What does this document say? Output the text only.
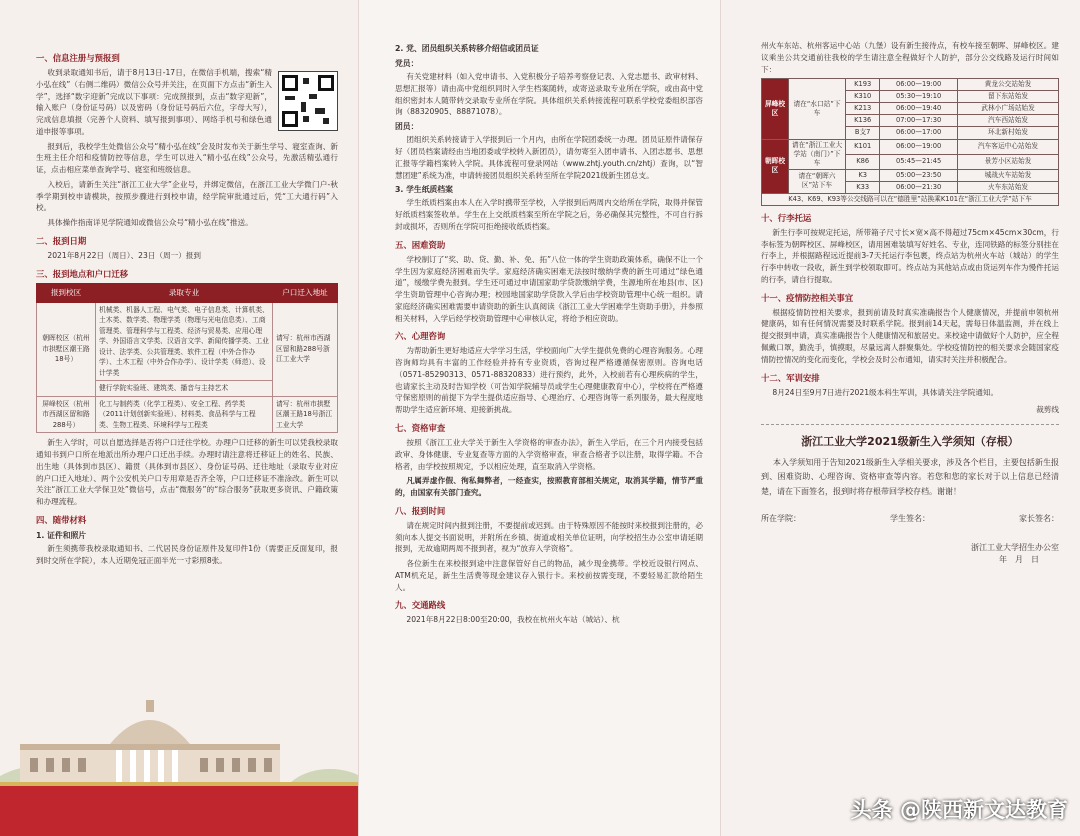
一、信息注册与预报到

收到录取通知书后，请于8月13日-17日，在微信手机端，搜索“精小弘在线”（右侧二维码）微信公众号并关注，在页面下方点击“新生入学”，选择“数字迎新”完成以下事项：完成预报到，点击“数字迎新”，输入账户（身份证号码）以及密码（身份证号码后六位，字母大写），完成信息填报（完善个人资料、填写报到事项）、网络手机号和绿色通道申报等事项。

报到后，我校学生处微信公众号“精小弘在线”会及时发布关于新生学号、寝室查询、新生班主任介绍和疫情防控等信息，学生可以进入“精小弘在线”公众号，先激活精弘通行证，点击相应菜单查询学号、寝室和班级信息。

入校后，请新生关注“浙江工业大学”企业号，并绑定微信，在浙江工业大学微门户-秋季学期到校申请模块，按照步骤进行到校申请，经学院审批通过后，凭“工大通行码”入校。

具体操作指南详见学院通知或微信公众号“精小弘在线”推送。

二、报到日期

2021年8月22日（周日）、23日（周一）报到

三、报到地点和户口迁移
报到校区	录取专业	户口迁入地址
朝晖校区（杭州市拱墅区潮王路18号）	机械类、机器人工程、电气类、电子信息类、计算机类、土木类、数学类、物理学类（物理与光电信息类）、工商管理类、管理科学与工程类、经济与贸易类、应用心理学、外国语言文学类、汉语言文学、新闻传播学类、工业设计、法学类、公共管理类、软件工程（中外合作办学）、土木工程（中外合作办学）、设计学类（师范）、设计学类	请写：杭州市西湖区留和路288号浙江工业大学
	健行学院实验班、建筑类、播音与主持艺术	
屏峰校区（杭州市西湖区留和路288号）	化工与制药类（化学工程类）、安全工程、药学类（2011计划创新实验班）、材料类、食品科学与工程类、生物工程类、环境科学与工程类	请写：杭州市拱墅区潮王路18号浙江工业大学

新生入学时，可以自愿选择是否将户口迁往学校。办理户口迁移的新生可以凭我校录取通知书到户口所在地派出所办理户口迁出手续。办理时请注意将迁移证上的姓名、民族、出生地（具体到市县区）、籍贯（具体到市县区）、身份证号码、迁往地址（录取专业对应的户口迁入地址）、两个公安机关户口专用章是否齐全等，户口迁移证不准涂改。新生可以关注“浙江工业大学保卫处”微信号，点击“微服务”的“综合服务”获取更多资讯、户籍政策和办理流程。

四、随带材料
1. 证件和照片

新生须携带我校录取通知书、二代居民身份证原件及复印件1份（需要正反面复印，报到时交所在学院），本人近期免冠正面半光一寸彩照8张。

2. 党、团员组织关系转移介绍信或团员证
党员：

有关党建材料（如入党申请书、入党积极分子培养考察登记表、入党志愿书、政审材料、思想汇报等）请由高中党组织同时入学生档案随转，或寄送录取专业所在学院，或由高中党组织密封本人随带转交录取专业所在学院。具体组织关系转接流程可联系学校党委组织部咨询（88320905、88871078）。

团员：

团组织关系转接请于入学报到后一个月内，由所在学院团委统一办理。团员证原件请保存好（团员档案请经由当地团委或学校转入新团员），请勿寄至入团申请书、入团志愿书、思想汇报等学籍档案转入学院。具体流程可登录网站（www.zhtj.youth.cn/zhtj）查询，以“智慧团建”系统为准，申请转接团员组织关系转至所在学院2021级新生团总支。

3. 学生纸质档案

学生纸质档案由本人在入学时携带至学校，入学报到后两周内交给所在学院，取得并保管好纸质档案签收单。学生在上交纸质档案至所在学院之后，务必确保其完整性，不可自行拆封或损坏，否则所在学院可拒绝接收纸质档案。

五、困难资助

学校制订了“奖、助、贷、勤、补、免、拓”八位一体的学生资助政策体系，确保不让一个学生因为家庭经济困难而失学。家庭经济确实困难无法按时缴纳学费的新生可通过“绿色通道”，缓缴学费先报到。学生还可通过申请国家助学贷款缴纳学费，生源地所在地县(市、区)学生资助管理中心咨询办理；校园地国家助学贷款入学后由学校资助管理中心统一组织。请家庭经济确实困难需要申请资助的新生认真阅读《浙江工业大学困难学生资助手册》，并参照相关材料，入学后经学校资助管理中心审核认定，将给予相应资助。

六、心理咨询

为帮助新生更好地适应大学学习生活，学校面向广大学生提供免费的心理咨询服务。心理咨询师均具有丰富的工作经验并持有专业资质，咨询过程严格遵循保密原则。咨询电话（0571-85290313、0571-88320833）进行预约，此外，入校前若有心理疾病的学生，也请家长主动及时告知学校（可告知学院辅导员或学生心理健康教育中心），学校将在严格遵守保密原则的前提下为学生提供适应指导、心理治疗、心理咨询等一系列服务，最大程度地帮助学生适应新环境、迎接新挑战。

七、资格审查

按照《浙江工业大学关于新生入学资格的审查办法》，新生入学后，在三个月内接受包括政审、身体健康、专业复查等方面的入学资格审查，审查合格者予以注册，取得学籍。不合格者，由学校按照规定，予以相应处理，直至取消入学资格。

凡属弄虚作假、徇私舞弊者，一经查实，按照教育部相关规定，取消其学籍，情节严重的，由国家有关部门查究。

八、报到时间

请在规定时间内报到注册，不要提前或迟到。由于特殊原因不能按时来校报到注册的，必须向本人提交书面说明，并附所在乡镇、街道或相关单位证明，向学校招生办公室申请延期报到，无故逾期两周不报到者，视为“放弃入学资格”。

各位新生在来校报到途中注意保管好自己的物品，减少现金携带。学校近设银行网点、ATM机充足，新生生活费等现金建议存入银行卡。来校前按需变现，不要轻易汇款给陌生人。

九、交通路线

2021年8月22日8:00至20:00，我校在杭州火车站（城站）、杭

州火车东站、杭州客运中心站（九堡）设有新生接待点，有校车接至朝晖、屏峰校区。建议乘坐公共交通前往我校的学生请注意全程做好个人防护，部分公交线路及运行时间如下：

屏峰校区	请在“水口站”下车	K193	06:00—19:00	黄龙公交站始发
		K310	05:30—19:10	留下东站始发
		K213	06:00—19:40	武林小广场站始发
		K136	07:00—17:30	汽车西站始发
		B支7	06:00—17:00	环北新村始发
朝晖校区	请在“浙江工业大学站（南门）”下车	K101	06:00—19:00	汽车客运中心站始发
		K86	05:45—21:45	景芳小区站始发
	请在“朝晖六区”站下车	K3	05:00—23:50	城战火车站始发
		K33	06:00—21:30	火车东站始发
K43、K69、K93等公交线路可以在“德胜里”站换乘K101在“浙江工业大学”站下车				
十、行李托运

新生行李可按规定托运，所带箱子尺寸长×宽×高不得超过75cm×45cm×30cm，行李标签为朝晖校区、屏峰校区，请用困难装填写好姓名、专业，连同铁路的标签分别挂在行李上，并根据路程远近提前3-7天托运行李包裹，终点站为杭州火车站（城站）的学生行李中转收一段收，新生到学校领取即可。终点站为其他站点或由货运列车作为慢件托运的行李，请自行提取。

十一、疫情防控相关事宜

根据疫情防控相关要求，报到前请及时真实准确报告个人健康情况，并提前申领杭州健康码，如有任何情况需要及时联系学院。报到前14天起，需每日体温监测，并在线上提交报到申请，真实准确报告个人健康情况和旅居史。来校途中请做好个人防护，应全程佩戴口罩，勤洗手，慎摸眼，尽量远离人群聚集处。学校疫情防控的相关要求会随国家疫情防控情况的变化而变化，学校会及时公布通知，请实时关注并积极配合。

十二、军训安排

8月24日至9月7日进行2021级本科生军训，具体请关注学院通知。

裁剪线
浙江工业大学2021级新生入学须知（存根）

本入学须知用于告知2021级新生入学相关要求，涉及各个栏目，主要包括新生报到、困难资助、心理咨询、资格审查等内容。若您和您的家长对于以上信息已经清楚，请在下面签名，报到时将存根带回学校存档。谢谢！

所在学院：	学生签名：	家长签名：
浙江工业大学招生办公室
年　月　日
头条 @陕西新文达教育
